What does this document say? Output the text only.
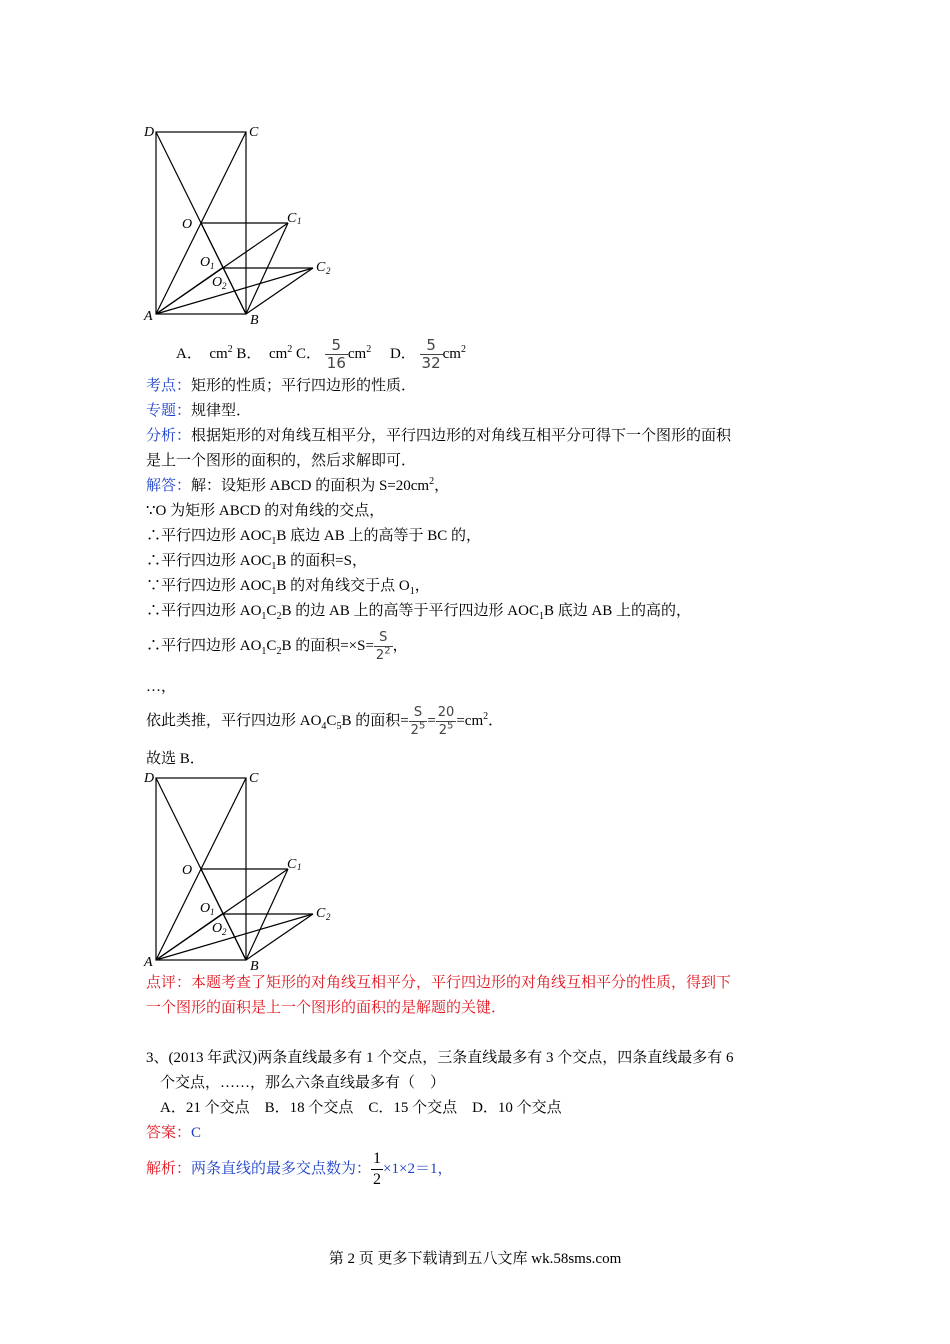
D	C
O	C 1
O 1	C 2
O 2
A	B
A． $cm^2$ B． $cm^2$ C． $\frac{5}{16} cm^2$ D． $\frac{5}{32} cm^2$
考点：矩形的性质；平行四边形的性质．
专题：规律型．
分析：根据矩形的对角线互相平分，平行四边形的对角线互相平分可得下一个图形的面积
是上一个图形的面积的，然后求解即可．
解答：解：设矩形 ABCD 的面积为 $S=20cm^2$，
∵O 为矩形 ABCD 的对角线的交点，
∴平行四边形 $AOC_1B$ 底边 AB 上的高等于 BC 的，
∴平行四边形 $AOC_1B$ 的面积=S，
∵平行四边形 $AOC_1B$ 的对角线交于点 $O_1$，
∴平行四边形 $AO_1C_2B$ 的边 AB 上的高等于平行四边形 $AOC_1B$ 底边 AB 上的高的，
∴平行四边形 $AO_1C_2B$ 的面积$=\times S= \frac{S}{2^2}$ ，
…，
依此类推，平行四边形 $AO_4C_5B$ 的面积= $\frac{S}{2^5} = \frac{20}{2^5} =cm^2$．
故选 B．
D	C
O	C 1
O 1	C 2
O 2
A	B
点评：本题考查了矩形的对角线互相平分，平行四边形的对角线互相平分的性质，得到下
一个图形的面积是上一个图形的面积的是解题的关键．
3、(2013 年武汉)两条直线最多有 1 个交点，三条直线最多有 3 个交点，四条直线最多有 6
个交点，……，那么六条直线最多有（　）
A．21 个交点　B．18 个交点　C．15 个交点　D．10 个交点
答案：C
解析：两条直线的最多交点数为： $\frac{1}{2} \times 1\times 2=1$，
第 2 页 更多下载请到五八文库 wk.58sms.com
